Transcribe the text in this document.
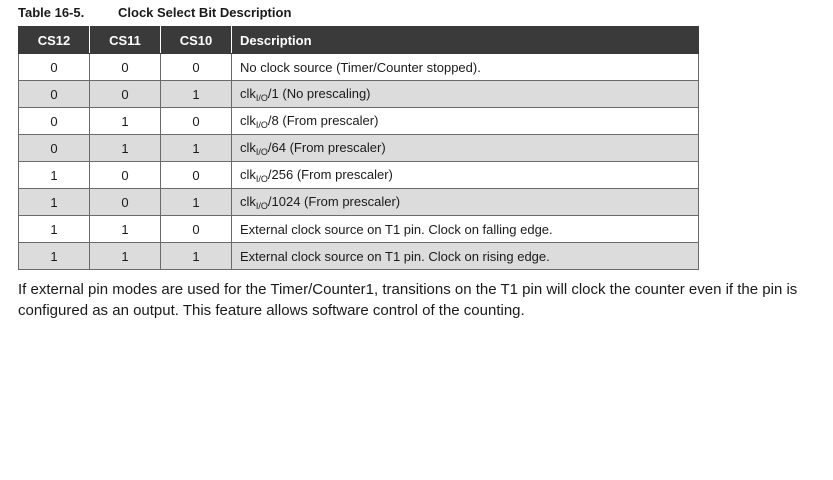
Table 16-5.	Clock Select Bit Description
CS12	CS11	CS10	Description
0	0	0	No clock source (Timer/Counter stopped).
0	0	1	clk$_{I/O}$/1 (No prescaling)
0	1	0	clk$_{I/O}$/8 (From prescaler)
0	1	1	clk$_{I/O}$/64 (From prescaler)
1	0	0	clk$_{I/O}$/256 (From prescaler)
1	0	1	clk$_{I/O}$/1024 (From prescaler)
1	1	0	External clock source on T1 pin. Clock on falling edge.
1	1	1	External clock source on T1 pin. Clock on rising edge.
If external pin modes are used for the Timer/Counter1, transitions on the T1 pin will clock the counter even if the pin is configured as an output. This feature allows software control of the counting.
